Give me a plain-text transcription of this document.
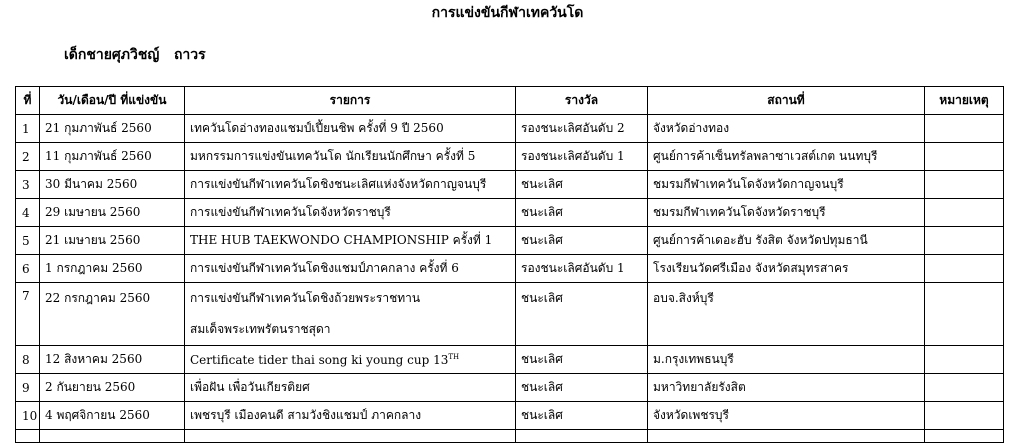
การแข่งขันกีฬาเทควันโด
เด็กชายศุภวิชญ์   ถาวร
ที่	วัน/เดือน/ปี ที่แข่งขัน	รายการ	รางวัล	สถานที่	หมายเหตุ
1	21 กุมภาพันธ์ 2560	เทควันโดอ่างทองแชมป์เปี้ยนชิพ ครั้งที่ 9 ปี 2560	รองชนะเลิศอันดับ 2	จังหวัดอ่างทอง	
2	11 กุมภาพันธ์ 2560	มหกรรมการแข่งขันเทควันโด นักเรียนนักศึกษา ครั้งที่ 5	รองชนะเลิศอันดับ 1	ศูนย์การค้าเซ็นทรัลพลาซาเวสต์เกต นนทบุรี	
3	30 มีนาคม 2560	การแข่งขันกีฬาเทควันโดชิงชนะเลิศแห่งจังหวัดกาญจนบุรี	ชนะเลิศ	ชมรมกีฬาเทควันโดจังหวัดกาญจนบุรี	
4	29 เมษายน 2560	การแข่งขันกีฬาเทควันโดจังหวัดราชบุรี	ชนะเลิศ	ชมรมกีฬาเทควันโดจังหวัดราชบุรี	
5	21 เมษายน 2560	THE HUB TAEKWONDO CHAMPIONSHIP ครั้งที่ 1	ชนะเลิศ	ศูนย์การค้าเดอะฮับ รังสิต จังหวัดปทุมธานี	
6	1 กรกฎาคม 2560	การแข่งขันกีฬาเทควันโดชิงแชมป์ภาคกลาง ครั้งที่ 6	รองชนะเลิศอันดับ 1	โรงเรียนวัดศรีเมือง จังหวัดสมุทรสาคร	
7	22 กรกฎาคม 2560	การแข่งขันกีฬาเทควันโดชิงถ้วยพระราชทาน
สมเด็จพระเทพรัตนราชสุดา	ชนะเลิศ	อบจ.สิงห์บุรี	
8	12 สิงหาคม 2560	Certificate tider thai song ki young cup 13TH	ชนะเลิศ	ม.กรุงเทพธนบุรี	
9	2 กันยายน 2560	เพื่อฝัน เพื่อวันเกียรติยศ	ชนะเลิศ	มหาวิทยาลัยรังสิต	
10	4 พฤศจิกายน 2560	เพชรบุรี เมืองคนดี สามวังชิงแชมป์ ภาคกลาง	ชนะเลิศ	จังหวัดเพชรบุรี	
